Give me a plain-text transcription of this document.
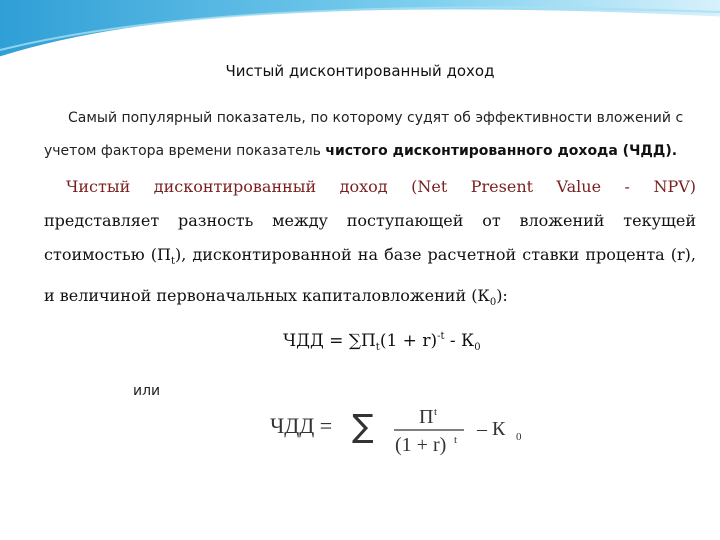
Чистый дисконтированный доход
Самый популярный показатель, по которому судят об эффективности вложений с учетом фактора времени показатель чистого дисконтированного дохода (ЧДД).
Чистый дисконтированный доход (Net Present Value - NPV)
представляет разность между поступающей от вложений текущей стоимостью $(П_t)$, дисконтированной на базе расчетной ставки процента (r), и величиной первоначальных капиталовложений $(К_0)$:
ЧДД = $\sum П_t(1 + r)^{-t} - К_0$
или
ЧДД = ∑ П t
(1 + r) t – К 0
